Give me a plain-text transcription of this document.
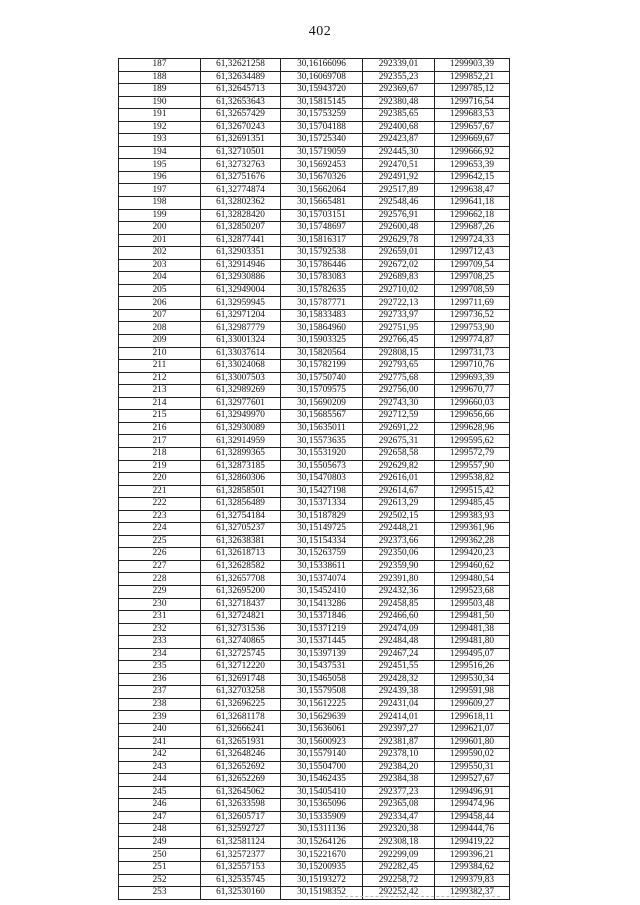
402
187	61,32621258	30,16166096	292339,01	1299903,39
188	61,32634489	30,16069708	292355,23	1299852,21
189	61,32645713	30,15943720	292369,67	1299785,12
190	61,32653643	30,15815145	292380,48	1299716,54
191	61,32657429	30,15753259	292385,65	1299683,53
192	61,32670243	30,15704188	292400,68	1299657,67
193	61,32691351	30,15725340	292423,87	1299669,67
194	61,32710501	30,15719059	292445,30	1299666,92
195	61,32732763	30,15692453	292470,51	1299653,39
196	61,32751676	30,15670326	292491,92	1299642,15
197	61,32774874	30,15662064	292517,89	1299638,47
198	61,32802362	30,15665481	292548,46	1299641,18
199	61,32828420	30,15703151	292576,91	1299662,18
200	61,32850207	30,15748697	292600,48	1299687,26
201	61,32877441	30,15816317	292629,78	1299724,33
202	61,32903351	30,15792538	292659,01	1299712,43
203	61,32914946	30,15786446	292672,02	1299709,54
204	61,32930886	30,15783083	292689,83	1299708,25
205	61,32949004	30,15782635	292710,02	1299708,59
206	61,32959945	30,15787771	292722,13	1299711,69
207	61,32971204	30,15833483	292733,97	1299736,52
208	61,32987779	30,15864960	292751,95	1299753,90
209	61,33001324	30,15903325	292766,45	1299774,87
210	61,33037614	30,15820564	292808,15	1299731,73
211	61,33024068	30,15782199	292793,65	1299710,76
212	61,33007503	30,15750740	292775,68	1299693,39
213	61,32989269	30,15709575	292756,00	1299670,77
214	61,32977601	30,15690209	292743,30	1299660,03
215	61,32949970	30,15685567	292712,59	1299656,66
216	61,32930089	30,15635011	292691,22	1299628,96
217	61,32914959	30,15573635	292675,31	1299595,62
218	61,32899365	30,15531920	292658,58	1299572,79
219	61,32873185	30,15505673	292629,82	1299557,90
220	61,32860306	30,15470803	292616,01	1299538,82
221	61,32858501	30,15427198	292614,67	1299515,42
222	61,32856489	30,15371334	292613,29	1299485,45
223	61,32754184	30,15187829	292502,15	1299383,93
224	61,32705237	30,15149725	292448,21	1299361,96
225	61,32638381	30,15154334	292373,66	1299362,28
226	61,32618713	30,15263759	292350,06	1299420,23
227	61,32628582	30,15338611	292359,90	1299460,62
228	61,32657708	30,15374074	292391,80	1299480,54
229	61,32695200	30,15452410	292432,36	1299523,68
230	61,32718437	30,15413286	292458,85	1299503,48
231	61,32724821	30,15371846	292466,60	1299481,50
232	61,32731536	30,15371219	292474,09	1299481,38
233	61,32740865	30,15371445	292484,48	1299481,80
234	61,32725745	30,15397139	292467,24	1299495,07
235	61,32712220	30,15437531	292451,55	1299516,26
236	61,32691748	30,15465058	292428,32	1299530,34
237	61,32703258	30,15579508	292439,38	1299591,98
238	61,32696225	30,15612225	292431,04	1299609,27
239	61,32681178	30,15629639	292414,01	1299618,11
240	61,32666241	30,15636061	292397,27	1299621,07
241	61,32651931	30,15600923	292381,87	1299601,80
242	61,32648246	30,15579140	292378,10	1299590,02
243	61,32652692	30,15504700	292384,20	1299550,31
244	61,32652269	30,15462435	292384,38	1299527,67
245	61,32645062	30,15405410	292377,23	1299496,91
246	61,32633598	30,15365096	292365,08	1299474,96
247	61,32605717	30,15335909	292334,47	1299458,44
248	61,32592727	30,15311136	292320,38	1299444,76
249	61,32581124	30,15264126	292308,18	1299419,22
250	61,32572377	30,15221670	292299,09	1299396,21
251	61,32557153	30,15200935	292282,45	1299384,62
252	61,32535745	30,15193272	292258,72	1299379,83
253	61,32530160	30,15198352	292252,42	1299382,37
